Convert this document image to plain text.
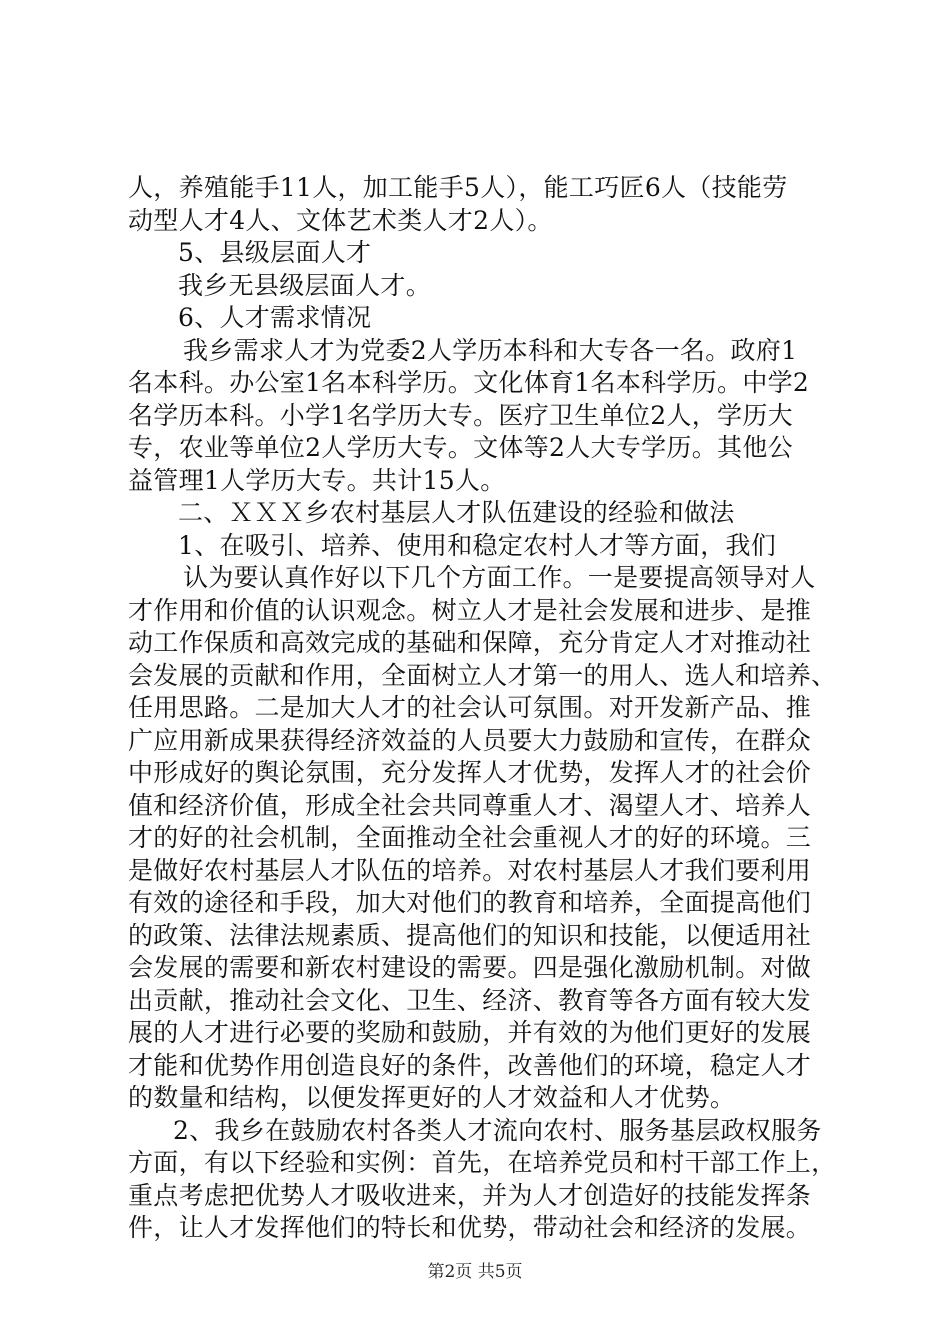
人，养殖能手11人，加工能手5人），能工巧匠6人（技能劳
动型人才4人、文体艺术类人才2人）。
5、县级层面人才
我乡无县级层面人才。
6、人才需求情况
我乡需求人才为党委2人学历本科和大专各一名。政府1
名本科。办公室1名本科学历。文化体育1名本科学历。中学2
名学历本科。小学1名学历大专。医疗卫生单位2人，学历大
专，农业等单位2人学历大专。文体等2人大专学历。其他公
益管理1人学历大专。共计15人。
二、ＸＸＸ乡农村基层人才队伍建设的经验和做法
1、在吸引、培养、使用和稳定农村人才等方面，我们
认为要认真作好以下几个方面工作。一是要提高领导对人
才作用和价值的认识观念。树立人才是社会发展和进步、是推
动工作保质和高效完成的基础和保障，充分肯定人才对推动社
会发展的贡献和作用，全面树立人才第一的用人、选人和培养、
任用思路。二是加大人才的社会认可氛围。对开发新产品、推
广应用新成果获得经济效益的人员要大力鼓励和宣传，在群众
中形成好的舆论氛围，充分发挥人才优势，发挥人才的社会价
值和经济价值，形成全社会共同尊重人才、渴望人才、培养人
才的好的社会机制，全面推动全社会重视人才的好的环境。三
是做好农村基层人才队伍的培养。对农村基层人才我们要利用
有效的途径和手段，加大对他们的教育和培养，全面提高他们
的政策、法律法规素质、提高他们的知识和技能，以便适用社
会发展的需要和新农村建设的需要。四是强化激励机制。对做
出贡献，推动社会文化、卫生、经济、教育等各方面有较大发
展的人才进行必要的奖励和鼓励，并有效的为他们更好的发展
才能和优势作用创造良好的条件，改善他们的环境，稳定人才
的数量和结构，以便发挥更好的人才效益和人才优势。
2、我乡在鼓励农村各类人才流向农村、服务基层政权服务
方面，有以下经验和实例：首先，在培养党员和村干部工作上，
重点考虑把优势人才吸收进来，并为人才创造好的技能发挥条
件，让人才发挥他们的特长和优势，带动社会和经济的发展。
第2页 共5页
